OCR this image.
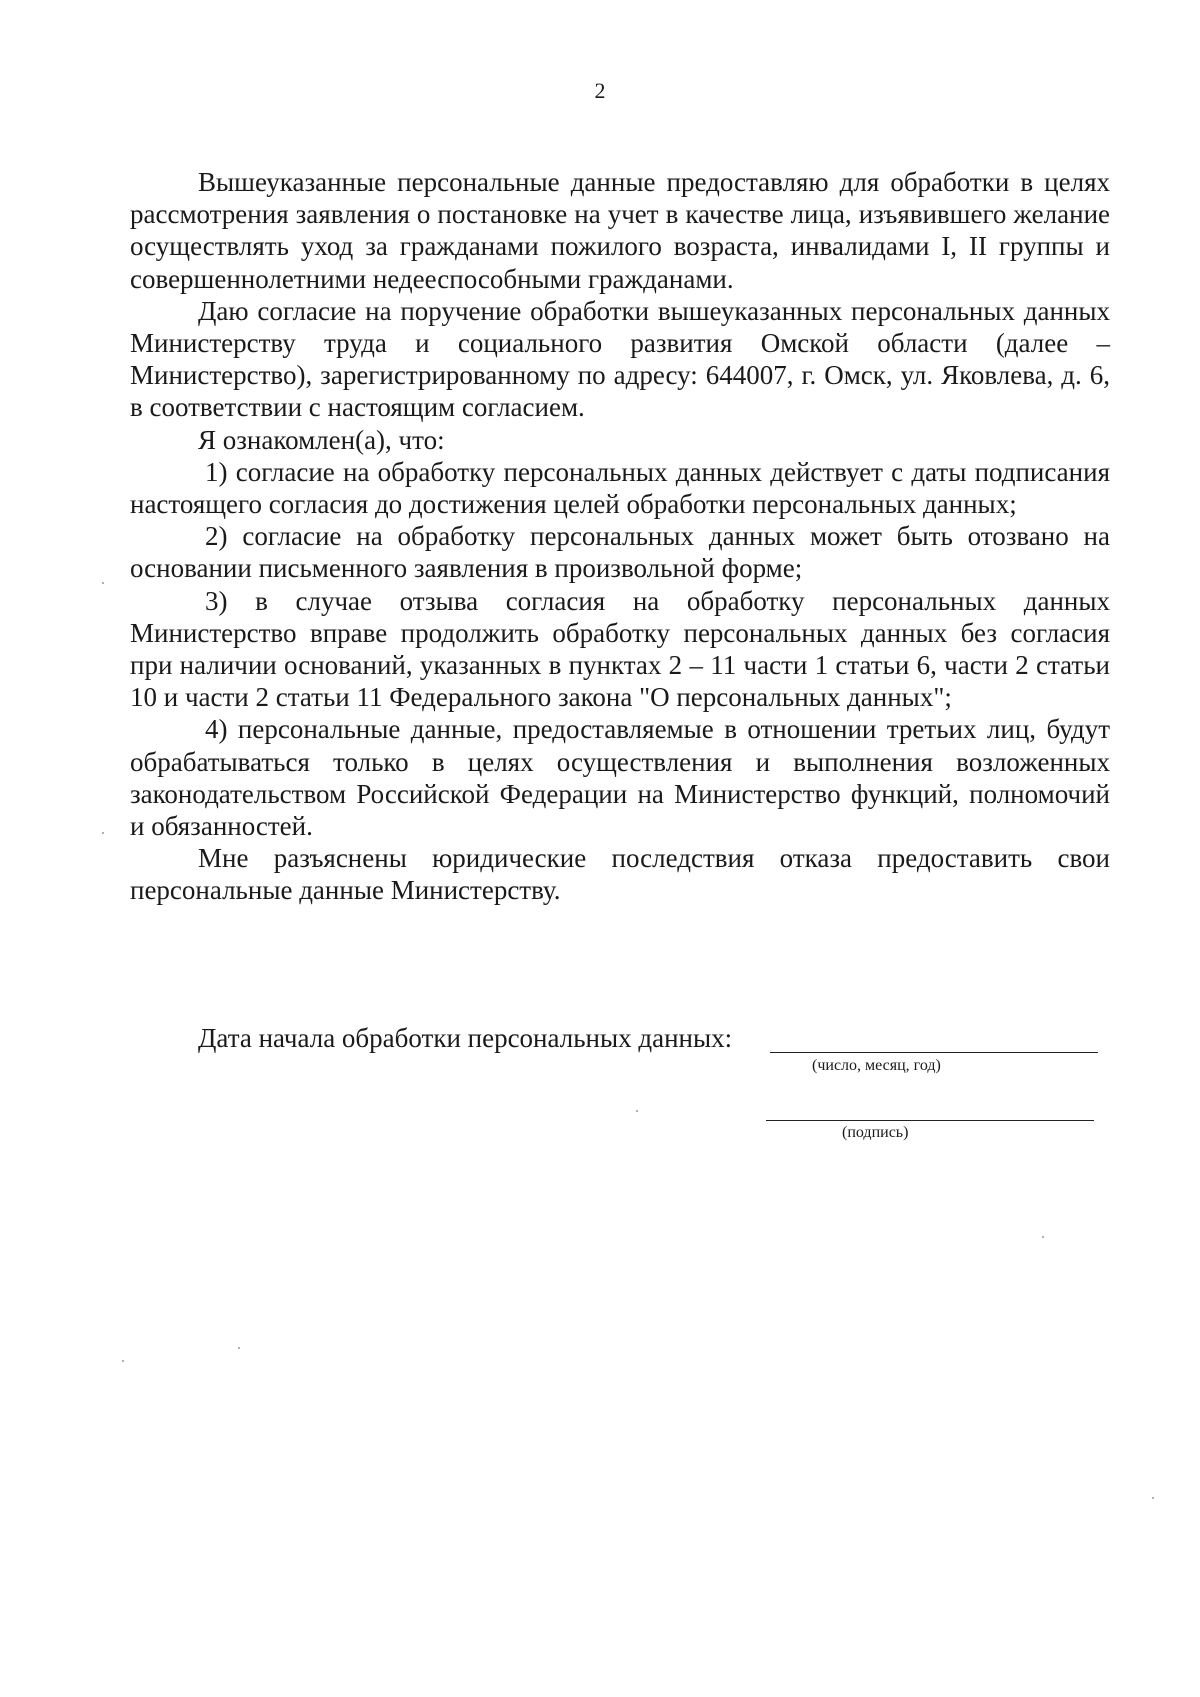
2

Вышеуказанные персональные данные предоставляю для обработки в целях рассмотрения заявления о постановке на учет в качестве лица, изъявившего желание осуществлять уход за гражданами пожилого возраста, инвалидами I, II группы и совершеннолетними недееспособными гражданами.

Даю согласие на поручение обработки вышеуказанных персональных данных Министерству труда и социального развития Омской области (далее – Министерство), зарегистрированному по адресу: 644007, г. Омск, ул. Яковлева, д. 6, в соответствии с настоящим согласием.

Я ознакомлен(а), что:

1) согласие на обработку персональных данных действует с даты подписания настоящего согласия до достижения целей обработки персональных данных;

2) согласие на обработку персональных данных может быть отозвано на основании письменного заявления в произвольной форме;

3) в случае отзыва согласия на обработку персональных данных Министерство вправе продолжить обработку персональных данных без согласия при наличии оснований, указанных в пунктах 2 – 11 части 1 статьи 6, части 2 статьи 10 и части 2 статьи 11 Федерального закона "О персональных данных";

4) персональные данные, предоставляемые в отношении третьих лиц, будут обрабатываться только в целях осуществления и выполнения возложенных законодательством Российской Федерации на Министерство функций, полномочий и обязанностей.

Мне разъяснены юридические последствия отказа предоставить свои персональные данные Министерству.

Дата начала обработки персональных данных:
(число, месяц, год)
(подпись)
